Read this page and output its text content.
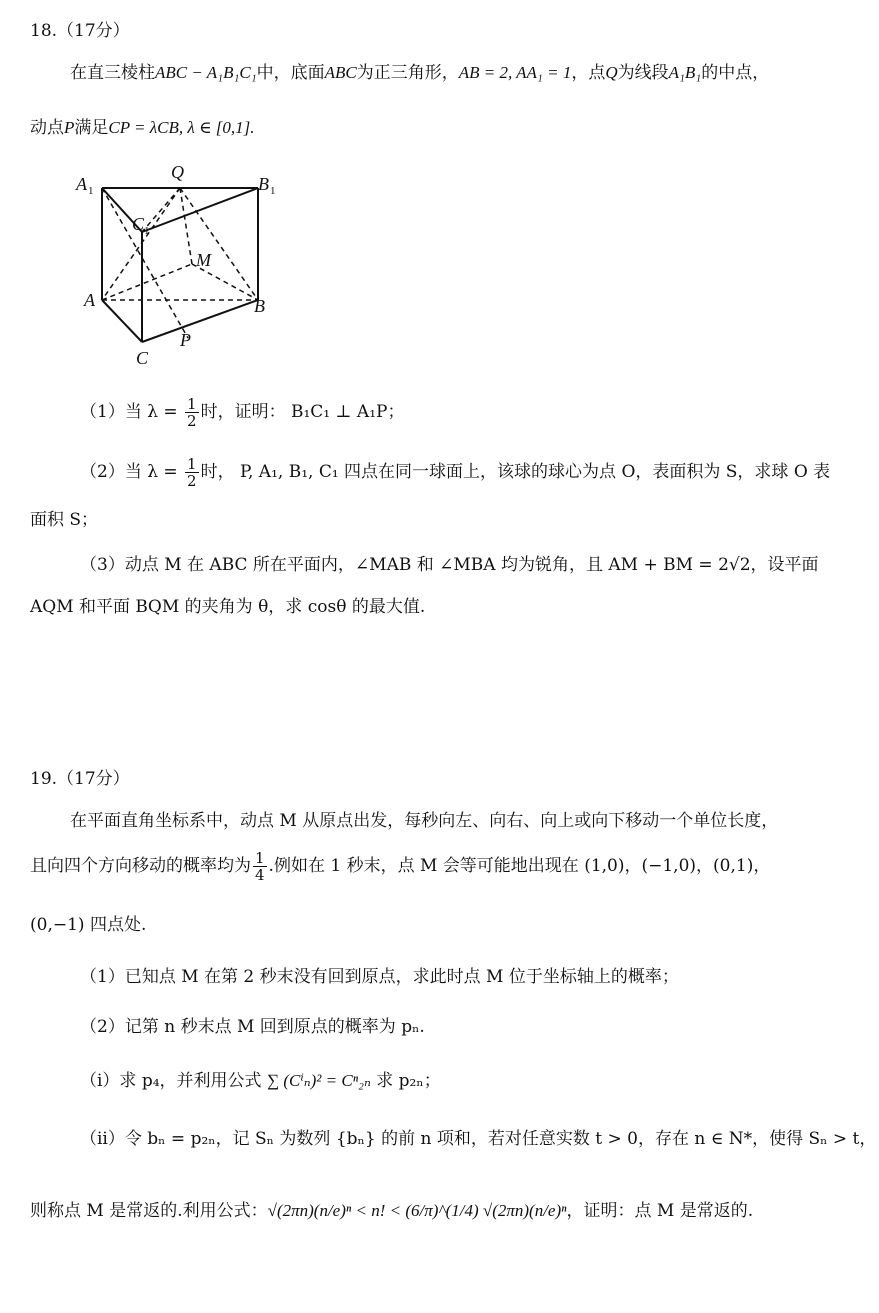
18.（17分）
在直三棱柱ABC − A₁B₁C₁中，底面ABC为正三角形，AB = 2, AA₁ = 1，点Q为线段A₁B₁的中点，
动点P满足CP = λCB, λ ∈ [0,1].
A 1
Q
B 1
C 1
M
A	B
C
P
（1）当 $\lambda = \frac{1}{2}$ 时，证明： B₁C₁ ⊥ A₁P；
（2）当 $\lambda = \frac{1}{2}$ 时， P, A₁, B₁, C₁ 四点在同一球面上，该球的球心为点 O，表面积为 S，求球 O 表
面积 S；
（3）动点 M 在 ABC 所在平面内，∠MAB 和 ∠MBA 均为锐角，且 AM + BM = 2√2，设平面
AQM 和平面 BQM 的夹角为 θ，求 cosθ 的最大值.
19.（17分）
在平面直角坐标系中，动点 M 从原点出发，每秒向左、向右、向上或向下移动一个单位长度，
且向四个方向移动的概率均为 $\frac{1}{4}$ .例如在 1 秒末，点 M 会等可能地出现在 (1,0)，(−1,0)，(0,1)，
(0,−1) 四点处.
（1）已知点 M 在第 2 秒末没有回到原点，求此时点 M 位于坐标轴上的概率；
（2）记第 n 秒末点 M 回到原点的概率为 pₙ.
（i）求 p₄，并利用公式 ∑ (Cⁱₙ)² = Cⁿ₂ₙ 求 p₂ₙ；
（ii）令 bₙ = p₂ₙ，记 Sₙ 为数列 {bₙ} 的前 n 项和，若对任意实数 t > 0，存在 n ∈ N*，使得 Sₙ > t，
则称点 M 是常返的.利用公式：√(2πn)(n/e)ⁿ < n! < (6/π)^(1/4) √(2πn)(n/e)ⁿ，证明：点 M 是常返的.
